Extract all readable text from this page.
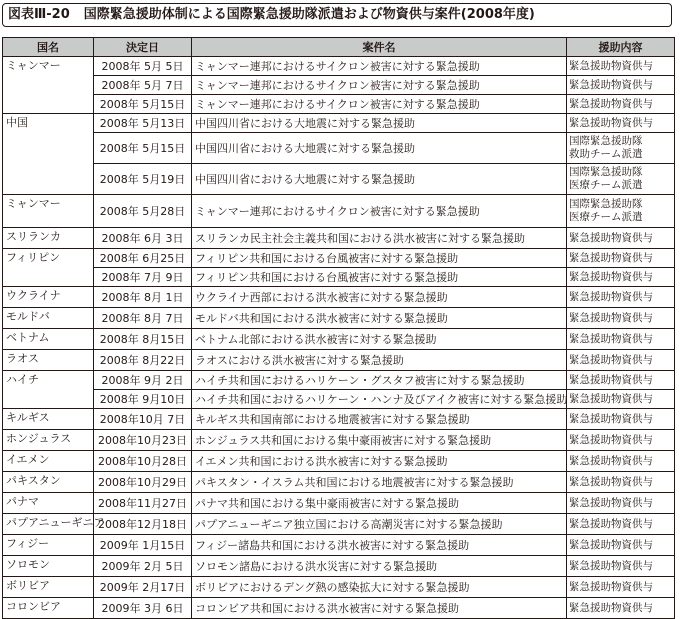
図表Ⅲ-20 国際緊急援助体制による国際緊急援助隊派遣および物資供与案件(2008年度)
国名	決定日	案件名	援助内容
ミャンマー	2008年 5月 5日	ミャンマー連邦におけるサイクロン被害に対する緊急援助	緊急援助物資供与
	2008年 5月 7日	ミャンマー連邦におけるサイクロン被害に対する緊急援助	緊急援助物資供与
	2008年 5月15日	ミャンマー連邦におけるサイクロン被害に対する緊急援助	緊急援助物資供与
中国	2008年 5月13日	中国四川省における大地震に対する緊急援助	緊急援助物資供与
	2008年 5月15日	中国四川省における大地震に対する緊急援助	国際緊急援助隊
救助チーム派遣
	2008年 5月19日	中国四川省における大地震に対する緊急援助	国際緊急援助隊
医療チーム派遣
ミャンマー	2008年 5月28日	ミャンマー連邦におけるサイクロン被害に対する緊急援助	国際緊急援助隊
医療チーム派遣
スリランカ	2008年 6月 3日	スリランカ民主社会主義共和国における洪水被害に対する緊急援助	緊急援助物資供与
フィリピン	2008年 6月25日	フィリピン共和国における台風被害に対する緊急援助	緊急援助物資供与
	2008年 7月 9日	フィリピン共和国における台風被害に対する緊急援助	緊急援助物資供与
ウクライナ	2008年 8月 1日	ウクライナ西部における洪水被害に対する緊急援助	緊急援助物資供与
モルドバ	2008年 8月 7日	モルドバ共和国における洪水被害に対する緊急援助	緊急援助物資供与
ベトナム	2008年 8月15日	ベトナム北部における洪水被害に対する緊急援助	緊急援助物資供与
ラオス	2008年 8月22日	ラオスにおける洪水被害に対する緊急援助	緊急援助物資供与
ハイチ	2008年 9月 2日	ハイチ共和国におけるハリケーン・グスタフ被害に対する緊急援助	緊急援助物資供与
	2008年 9月10日	ハイチ共和国におけるハリケーン・ハンナ及びアイク被害に対する緊急援助	緊急援助物資供与
キルギス	2008年10月 7日	キルギス共和国南部における地震被害に対する緊急援助	緊急援助物資供与
ホンジュラス	2008年10月23日	ホンジュラス共和国における集中豪雨被害に対する緊急援助	緊急援助物資供与
イエメン	2008年10月28日	イエメン共和国における洪水被害に対する緊急援助	緊急援助物資供与
パキスタン	2008年10月29日	パキスタン・イスラム共和国における地震被害に対する緊急援助	緊急援助物資供与
パナマ	2008年11月27日	パナマ共和国における集中豪雨被害に対する緊急援助	緊急援助物資供与
パプアニューギニア	2008年12月18日	パプアニューギニア独立国における高潮災害に対する緊急援助	緊急援助物資供与
フィジー	2009年 1月15日	フィジー諸島共和国における洪水被害に対する緊急援助	緊急援助物資供与
ソロモン	2009年 2月 5日	ソロモン諸島における洪水災害に対する緊急援助	緊急援助物資供与
ボリビア	2009年 2月17日	ボリビアにおけるデング熱の感染拡大に対する緊急援助	緊急援助物資供与
コロンビア	2009年 3月 6日	コロンビア共和国における洪水被害に対する緊急援助	緊急援助物資供与
